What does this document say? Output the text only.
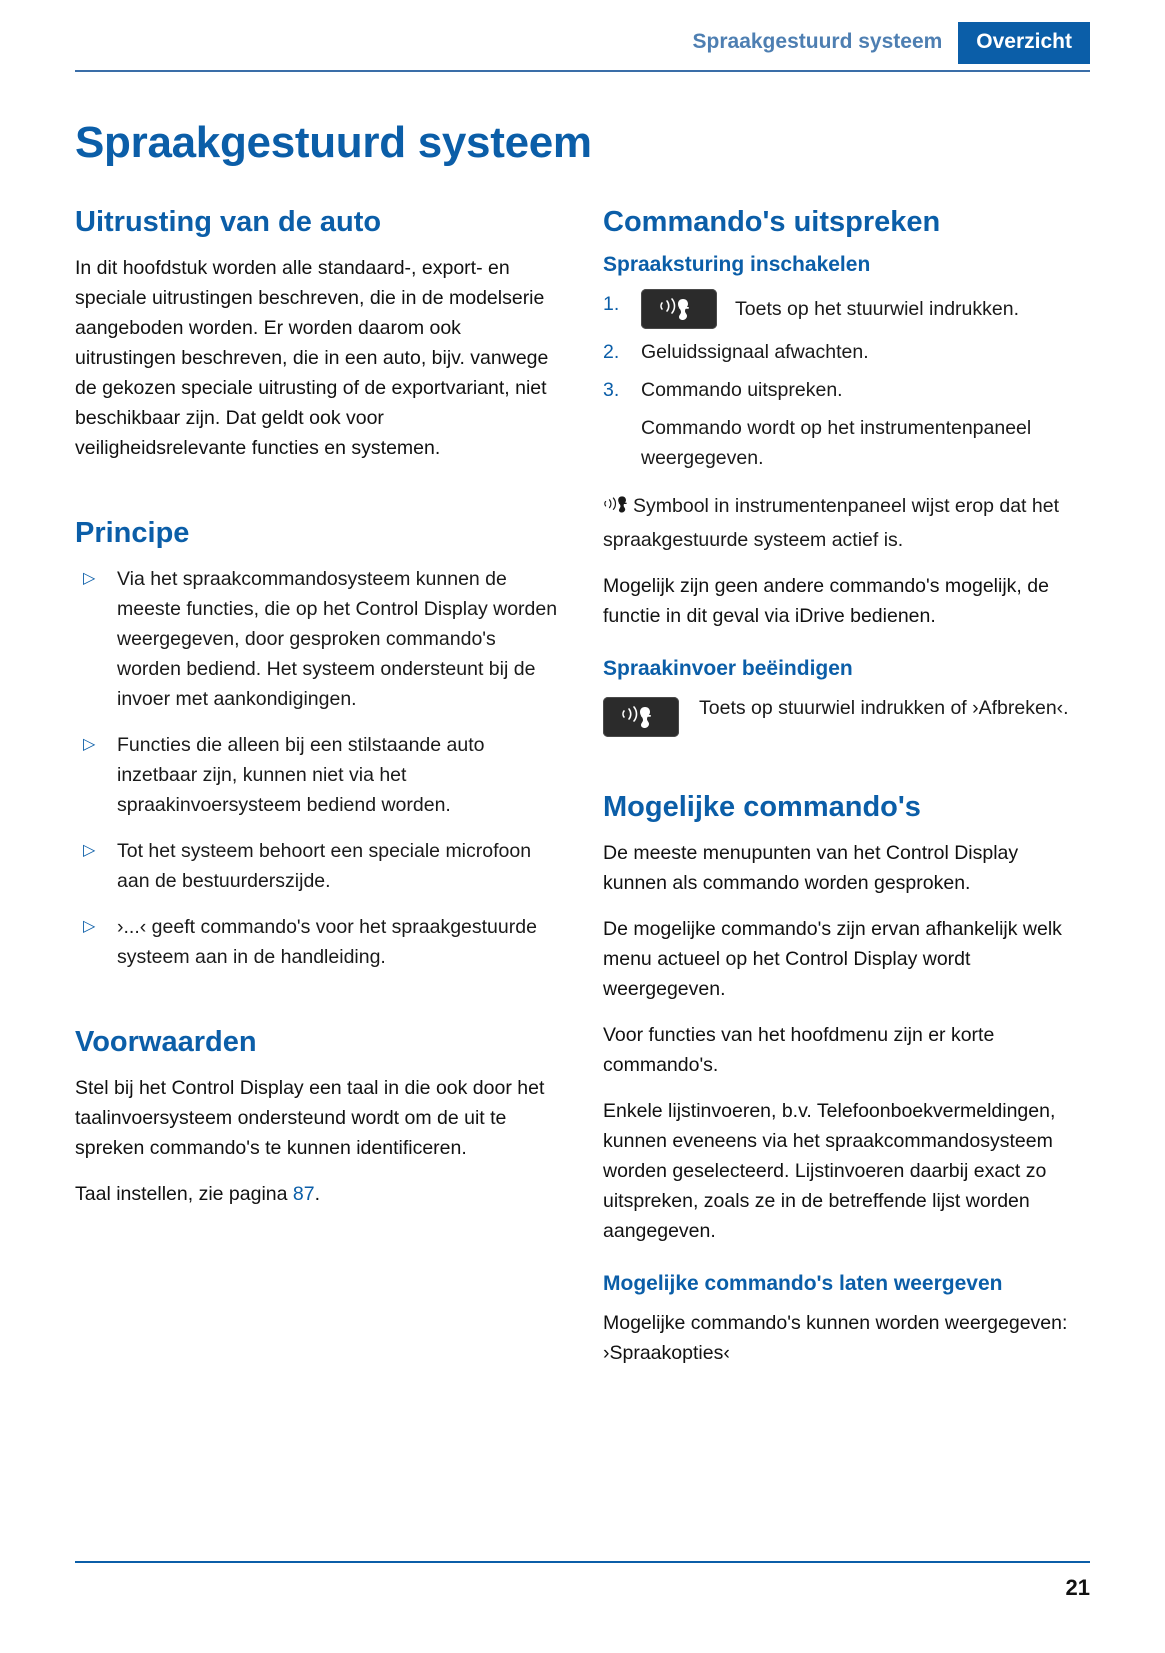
Spraakgestuurd systeem	Overzicht
Spraakgestuurd systeem
Uitrusting van de auto

In dit hoofdstuk worden alle standaard-, export- en speciale uitrustingen beschreven, die in de modelserie aangeboden worden. Er worden daarom ook uitrustingen beschreven, die in een auto, bijv. vanwege de gekozen speciale uitrusting of de exportvariant, niet beschikbaar zijn. Dat geldt ook voor veiligheidsrelevante functies en systemen.

Principe
▷ Via het spraakcommandosysteem kunnen de meeste functies, die op het Control Display worden weergegeven, door gesproken commando's worden bediend. Het systeem ondersteunt bij de invoer met aankondigingen.
▷ Functies die alleen bij een stilstaande auto inzetbaar zijn, kunnen niet via het spraakinvoersysteem bediend worden.
▷ Tot het systeem behoort een speciale microfoon aan de bestuurderszijde.
▷ ›...‹ geeft commando's voor het spraakgestuurde systeem aan in de handleiding.
Voorwaarden

Stel bij het Control Display een taal in die ook door het taalinvoersysteem ondersteund wordt om de uit te spreken commando's te kunnen identificeren.

Taal instellen, zie pagina 87.

Commando's uitspreken
Spraaksturing inschakelen
1.	Toets op het stuurwiel indrukken.
2. Geluidssignaal afwachten.
3. Commando uitspreken.
Commando wordt op het instrumentenpaneel weergegeven.

Symbool in instrumentenpaneel wijst erop dat het spraakgestuurde systeem actief is.

Mogelijk zijn geen andere commando's mogelijk, de functie in dit geval via iDrive bedienen.

Spraakinvoer beëindigen
Toets op stuurwiel indrukken of ›Afbreken‹.
Mogelijke commando's

De meeste menupunten van het Control Display kunnen als commando worden gesproken.

De mogelijke commando's zijn ervan afhankelijk welk menu actueel op het Control Display wordt weergegeven.

Voor functies van het hoofdmenu zijn er korte commando's.

Enkele lijstinvoeren, b.v. Telefoonboekvermeldingen, kunnen eveneens via het spraakcommandosysteem worden geselecteerd. Lijstinvoeren daarbij exact zo uitspreken, zoals ze in de betreffende lijst worden aangegeven.

Mogelijke commando's laten weergeven

Mogelijke commando's kunnen worden weergegeven: ›Spraakopties‹

21
